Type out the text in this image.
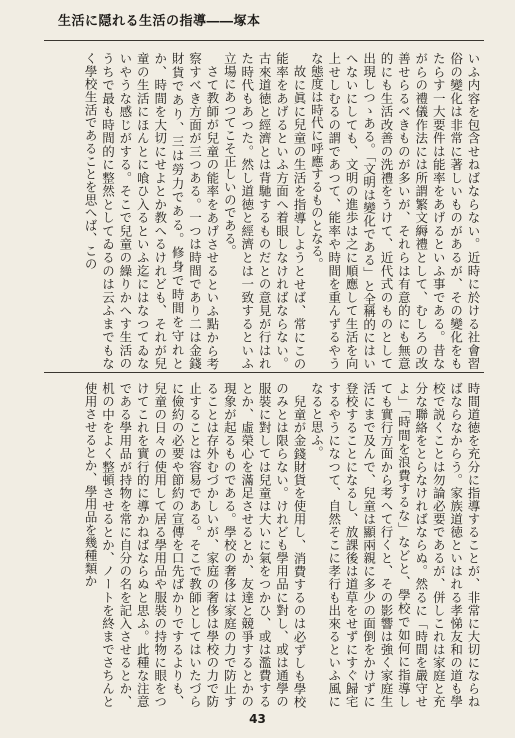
生活に隠れる生活の指導――塚本

いふ内容を包含せねばならない。近時に於ける社會習俗の變化は非常に著しいものがあるが、その變化をもたらす一大要件は能率をあげるといふ事である。昔ながらの禮儀作法には所謂繁文縟禮として、むしろの改善せらるべきものが多いが、それらは有意的にも無意的にも生活改善の洗禮をうけて、近代式のものとして出現しつゝある。「文明は變化である」と全稱的にはいへないにしても、文明の進歩は之に順應して生活を向上せしむるの謂であつて、能率や時間を重んずるやうな態度は時代に呼應するものとなる。

故に眞に兒童の生活を指導しようとせば、常にこの能率をあげるといふ方面へ着眼しなければならない。古來道徳と經濟とは背馳するものだとの意見が行はれた時代もあつた。然し道徳と經濟とは一致するといふ立場にあつてこそ正しいのである。

さて教師が兒童の能率をあげさせるといふ點から考察すべき方面が三つある。一つは時間であり二は金錢財貨であり、三は勞力である。修身で時間を守れとか、時間を大切にせよとか教へるけれども、それが兒童の生活にほんとに喰ひ入るといふ迄にはなつてゐないやうな感じがする。そこで兒童の繰りかへす生活のうちで最も時間的に整然としてゐるのは云ふまでもなく學校生活であることを思へば、この

時間道徳を充分に指導することが、非常に大切にならねばならなからう。家族道徳といはれる孝悌友和の道も學校で説くことは勿論必要であるが、併しこれは家庭と充分な聯絡をとらなければならぬ。然るに「時間を嚴守せよ」「時間を浪費するな」などと、學校で如何に指導しても實行方面から考へて行くと、その影響は強く家庭生活にまで及んで、兒童は顯兩親に多少の面倒をかけずに登校することになるし、放課後は道草をせずにすぐ歸宅するやうになつて、自然そこに孝行も出來るといふ風になると思ふ。

兒童が金錢財貨を使用し、消費するのは必ずしも學校のみとは限らない。けれども學用品に對し、或は通學の服裝に對しては兒童は大いに氣をつかひ、或は濫費するとか、虛榮心を滿足させるとか、友達と競爭するとかの現象が起るものである。學校の奢侈は家庭の力で防止することは存外むづかしいが、家庭の奢侈は學校の力で防止することは容易である。そこで教師としてはいたづらに儉約の必要や節約の宣傳を口先ばかりでするよりも、兒童の日々の使用して居る學用品や服裝の持物に眼をつけてこれを實行的に導かねばならぬと思ふ。此種な注意である學用品が持物を常に自分の名を記入させるとか、机の中をよく整頓させるとか、ノートを終までさちんと使用させるとか、學用品を幾種類か

43
